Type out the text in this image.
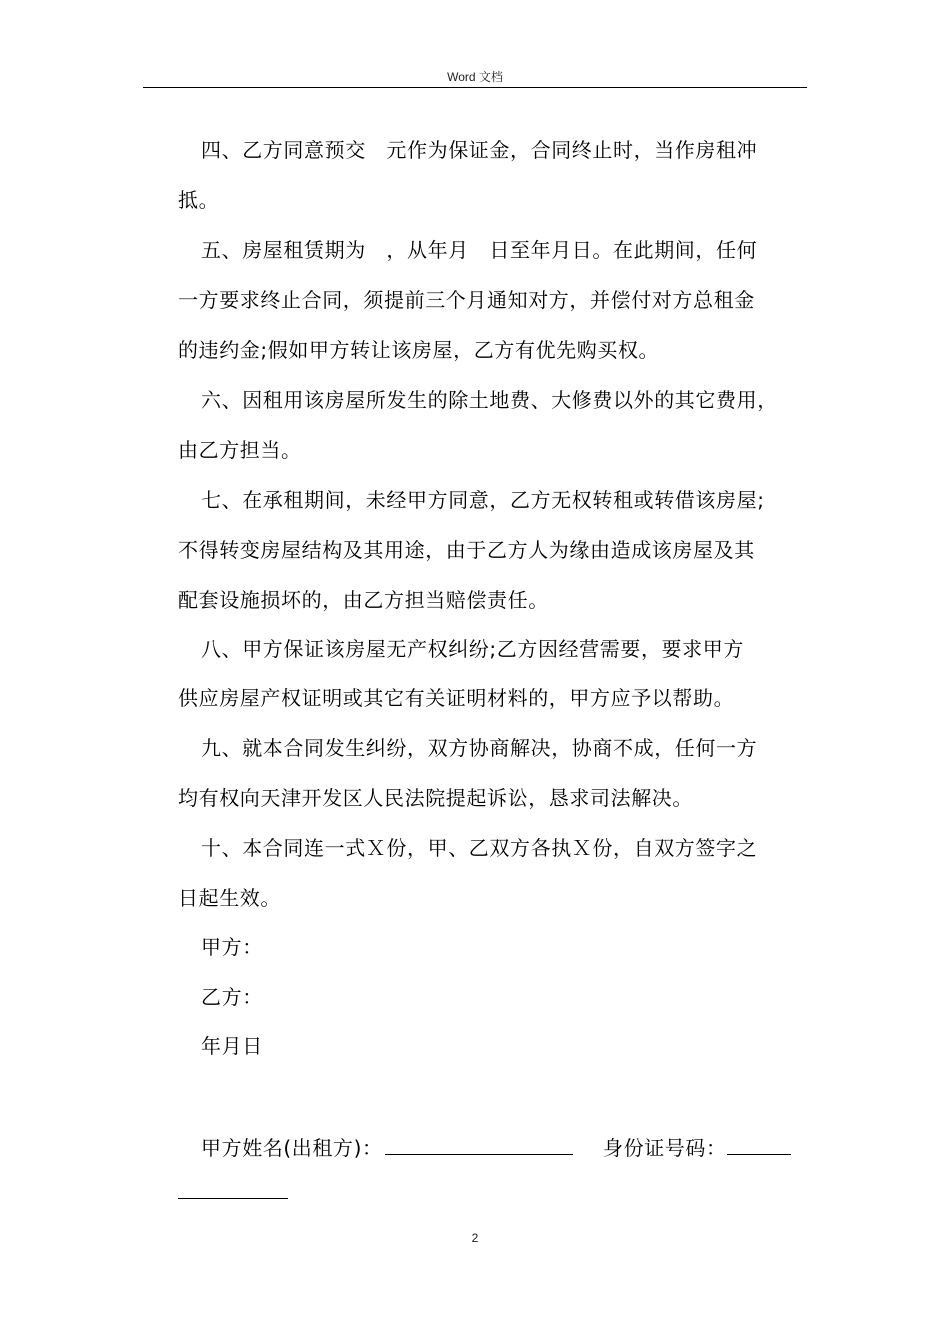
Word 文档
四、乙方同意预交　元作为保证金，合同终止时，当作房租冲
抵。
五、房屋租赁期为　，从年月　日至年月日。在此期间，任何
一方要求终止合同，须提前三个月通知对方，并偿付对方总租金
的违约金;假如甲方转让该房屋，乙方有优先购买权。
六、因租用该房屋所发生的除土地费、大修费以外的其它费用，
由乙方担当。
七、在承租期间，未经甲方同意，乙方无权转租或转借该房屋;
不得转变房屋结构及其用途，由于乙方人为缘由造成该房屋及其
配套设施损坏的，由乙方担当赔偿责任。
八、甲方保证该房屋无产权纠纷;乙方因经营需要，要求甲方
供应房屋产权证明或其它有关证明材料的，甲方应予以帮助。
九、就本合同发生纠纷，双方协商解决，协商不成，任何一方
均有权向天津开发区人民法院提起诉讼，恳求司法解决。
十、本合同连一式Ｘ份，甲、乙双方各执Ｘ份，自双方签字之
日起生效。
甲方：
乙方：
年月日
甲方姓名(出租方)：	身份证号码：
2
